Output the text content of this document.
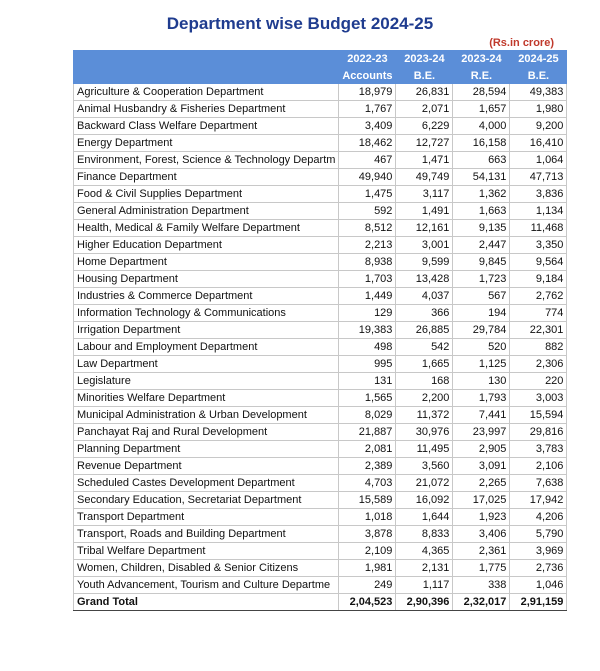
Department wise Budget 2024-25
(Rs.in crore)
	2022-23	2023-24	2023-24	2024-25
	Accounts	B.E.	R.E.	B.E.
Agriculture & Cooperation Department	18,979	26,831	28,594	49,383
Animal Husbandry & Fisheries Department	1,767	2,071	1,657	1,980
Backward Class Welfare Department	3,409	6,229	4,000	9,200
Energy Department	18,462	12,727	16,158	16,410
Environment, Forest, Science & Technology Departm	467	1,471	663	1,064
Finance Department	49,940	49,749	54,131	47,713
Food & Civil Supplies Department	1,475	3,117	1,362	3,836
General Administration Department	592	1,491	1,663	1,134
Health, Medical & Family Welfare Department	8,512	12,161	9,135	11,468
Higher Education Department	2,213	3,001	2,447	3,350
Home Department	8,938	9,599	9,845	9,564
Housing Department	1,703	13,428	1,723	9,184
Industries & Commerce Department	1,449	4,037	567	2,762
Information Technology & Communications	129	366	194	774
Irrigation Department	19,383	26,885	29,784	22,301
Labour and Employment Department	498	542	520	882
Law Department	995	1,665	1,125	2,306
Legislature	131	168	130	220
Minorities Welfare Department	1,565	2,200	1,793	3,003
Municipal Administration & Urban Development	8,029	11,372	7,441	15,594
Panchayat Raj and Rural Development	21,887	30,976	23,997	29,816
Planning Department	2,081	11,495	2,905	3,783
Revenue Department	2,389	3,560	3,091	2,106
Scheduled Castes Development Department	4,703	21,072	2,265	7,638
Secondary Education, Secretariat Department	15,589	16,092	17,025	17,942
Transport Department	1,018	1,644	1,923	4,206
Transport, Roads and Building Department	3,878	8,833	3,406	5,790
Tribal Welfare Department	2,109	4,365	2,361	3,969
Women, Children, Disabled & Senior Citizens	1,981	2,131	1,775	2,736
Youth Advancement, Tourism and Culture Departme	249	1,117	338	1,046
Grand Total	2,04,523	2,90,396	2,32,017	2,91,159
